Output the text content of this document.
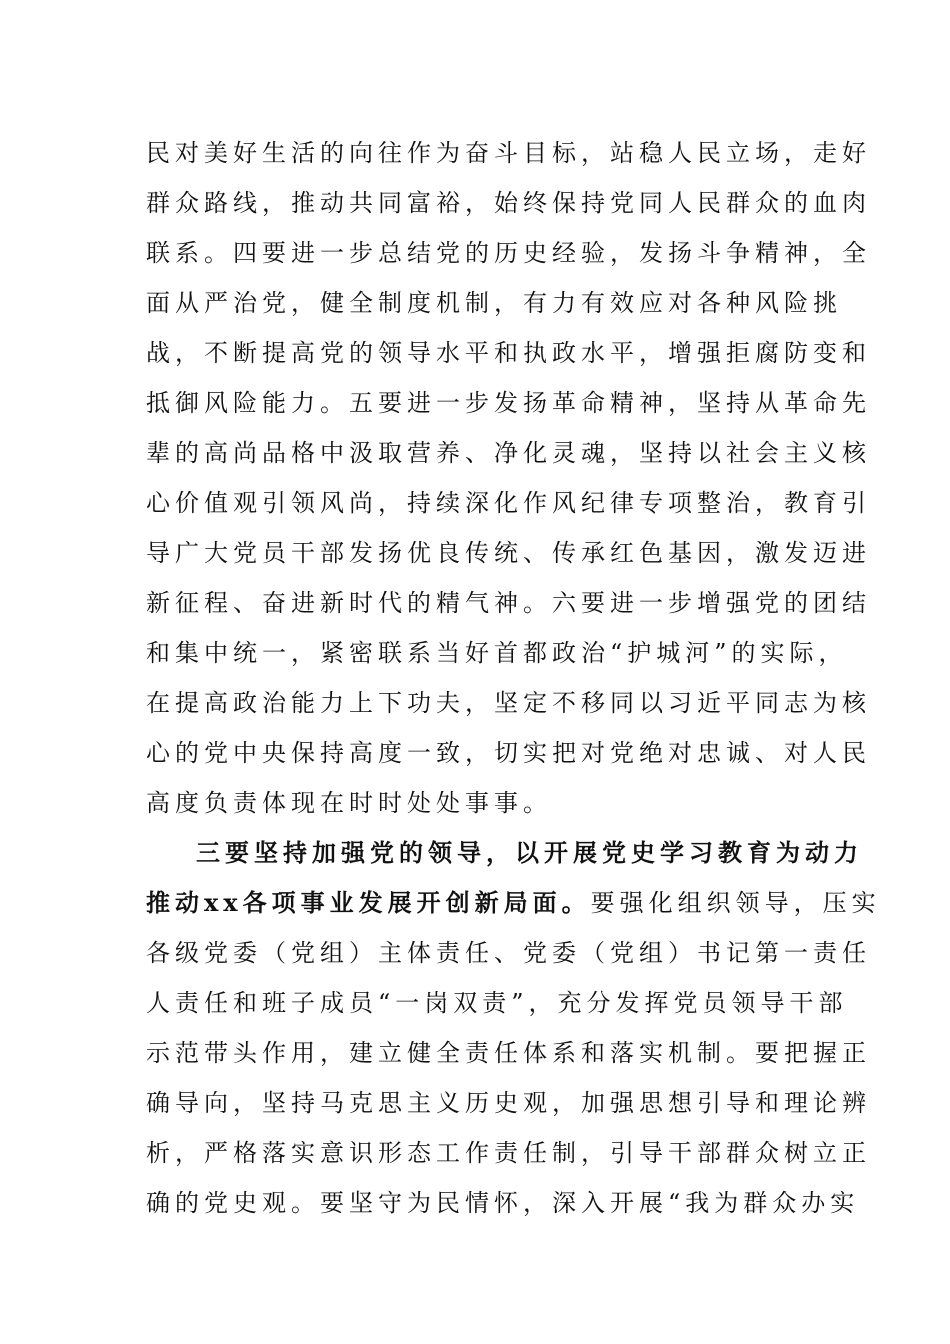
民对美好生活的向往作为奋斗目标，站稳人民立场，走好
群众路线，推动共同富裕，始终保持党同人民群众的血肉
联系。四要进一步总结党的历史经验，发扬斗争精神，全
面从严治党，健全制度机制，有力有效应对各种风险挑
战，不断提高党的领导水平和执政水平，增强拒腐防变和
抵御风险能力。五要进一步发扬革命精神，坚持从革命先
辈的高尚品格中汲取营养、净化灵魂，坚持以社会主义核
心价值观引领风尚，持续深化作风纪律专项整治，教育引
导广大党员干部发扬优良传统、传承红色基因，激发迈进
新征程、奋进新时代的精气神。六要进一步增强党的团结
和集中统一，紧密联系当好首都政治“护城河”的实际，
在提高政治能力上下功夫，坚定不移同以习近平同志为核
心的党中央保持高度一致，切实把对党绝对忠诚、对人民
高度负责体现在时时处处事事。
三要坚持加强党的领导，以开展党史学习教育为动力
推动xx各项事业发展开创新局面。要强化组织领导，压实
各级党委（党组）主体责任、党委（党组）书记第一责任
人责任和班子成员“一岗双责”，充分发挥党员领导干部
示范带头作用，建立健全责任体系和落实机制。要把握正
确导向，坚持马克思主义历史观，加强思想引导和理论辨
析，严格落实意识形态工作责任制，引导干部群众树立正
确的党史观。要坚守为民情怀，深入开展“我为群众办实
